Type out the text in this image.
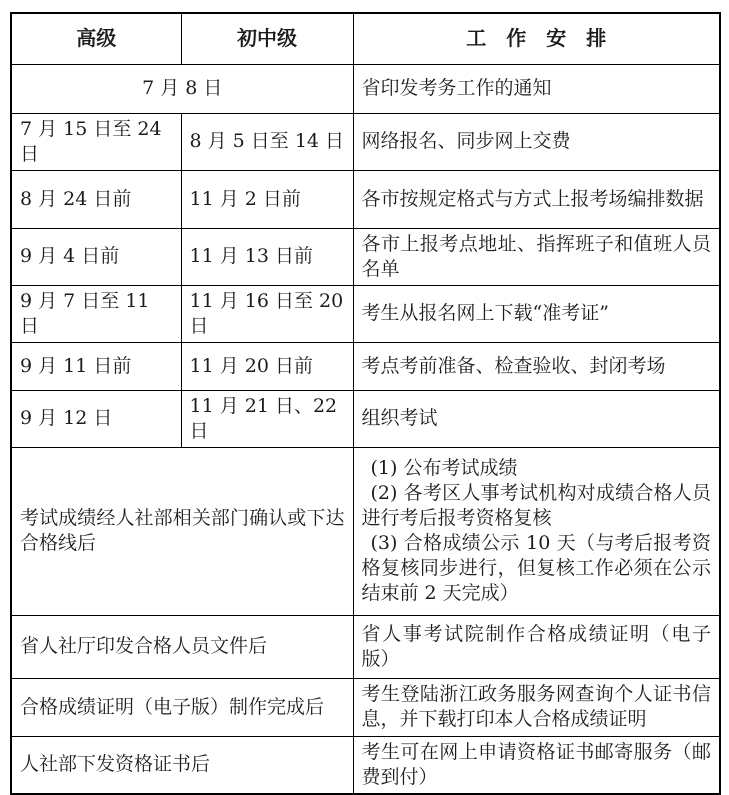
高级	初中级	工　作　安　排
7 月 8 日		省印发考务工作的通知
7 月 15 日至 24 日	8 月 5 日至 14 日	网络报名、同步网上交费
8 月 24 日前	11 月 2 日前	各市按规定格式与方式上报考场编排数据
9 月 4 日前	11 月 13 日前	各市上报考点地址、指挥班子和值班人员名单
9 月 7 日至 11 日	11 月 16 日至 20 日	考生从报名网上下载“准考证”
9 月 11 日前	11 月 20 日前	考点考前准备、检查验收、封闭考场
9 月 12 日	11 月 21 日、22 日	组织考试
考试成绩经人社部相关部门确认或下达合格线后		(1) 公布考试成绩

(2) 各考区人事考试机构对成绩合格人员进行考后报考资格复核

(3) 合格成绩公示 10 天（与考后报考资格复核同步进行，但复核工作必须在公示结束前 2 天完成）

省人社厅印发合格人员文件后		省人事考试院制作合格成绩证明（电子版）
合格成绩证明（电子版）制作完成后		考生登陆浙江政务服务网查询个人证书信息，并下载打印本人合格成绩证明
人社部下发资格证书后		考生可在网上申请资格证书邮寄服务（邮费到付）
